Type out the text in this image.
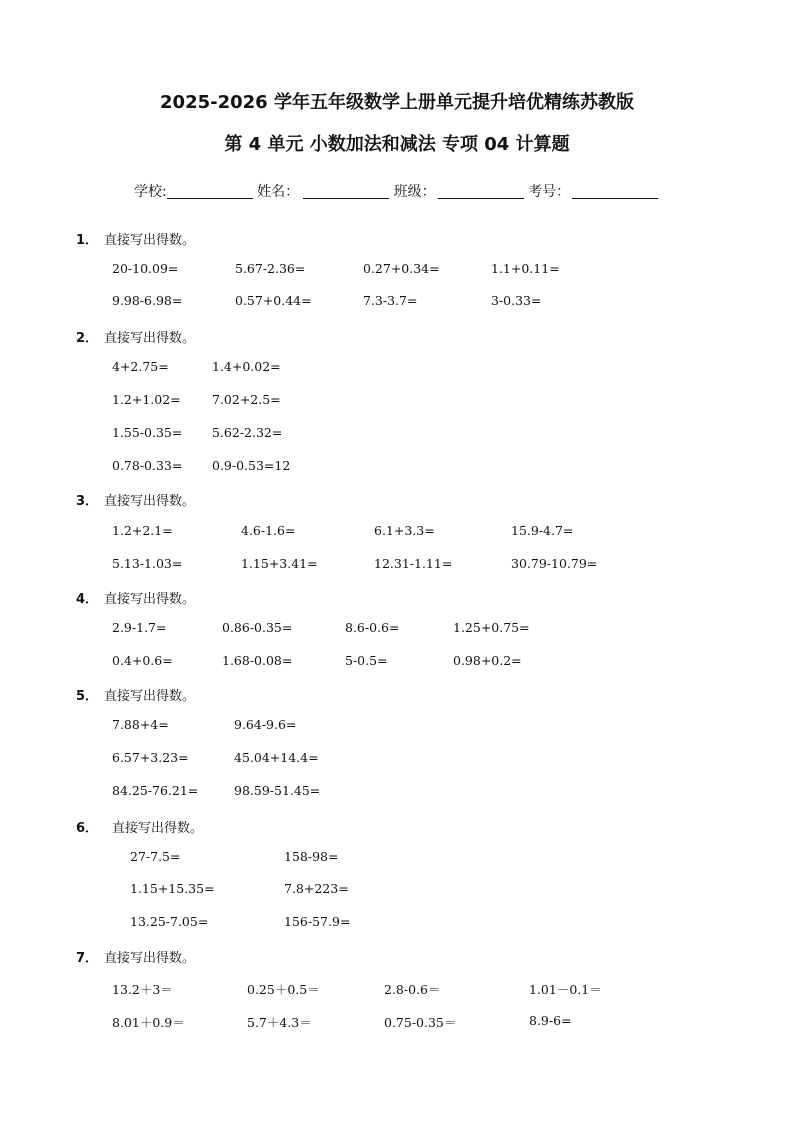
2025-2026 学年五年级数学上册单元提升培优精练苏教版
第 4 单元 小数加法和减法 专项 04 计算题
学校:	姓名：	班级：	考号：
1． 直接写出得数。
20-10.09=	5.67-2.36=	0.27+0.34=	1.1+0.11=
9.98-6.98=	0.57+0.44=	7.3-3.7=	3-0.33=
2． 直接写出得数。
4+2.75=	1.4+0.02=
1.2+1.02=	7.02+2.5=
1.55-0.35= 5.62-2.32=
0.78-0.33= 0.9-0.53=12
3． 直接写出得数。
1.2+2.1=	4.6-1.6=	6.1+3.3=	15.9-4.7=
5.13-1.03=	1.15+3.41=	12.31-1.11=	30.79-10.79=
4． 直接写出得数。
2.9-1.7=	0.86-0.35=	8.6-0.6=	1.25+0.75=
0.4+0.6=	1.68-0.08=	5-0.5=	0.98+0.2=
5． 直接写出得数。
7.88+4=	9.64-9.6=
6.57+3.23=	45.04+14.4=
84.25-76.21=	98.59-51.45=
6． 直接写出得数。
27-7.5=	158-98=
1.15+15.35=	7.8+223=
13.25-7.05=	156-57.9=
7． 直接写出得数。
13.2＋3＝	0.25＋0.5＝	2.8-0.6＝	1.01－0.1＝
8.01＋0.9＝	5.7＋4.3＝	0.75-0.35＝	8.9-6=
